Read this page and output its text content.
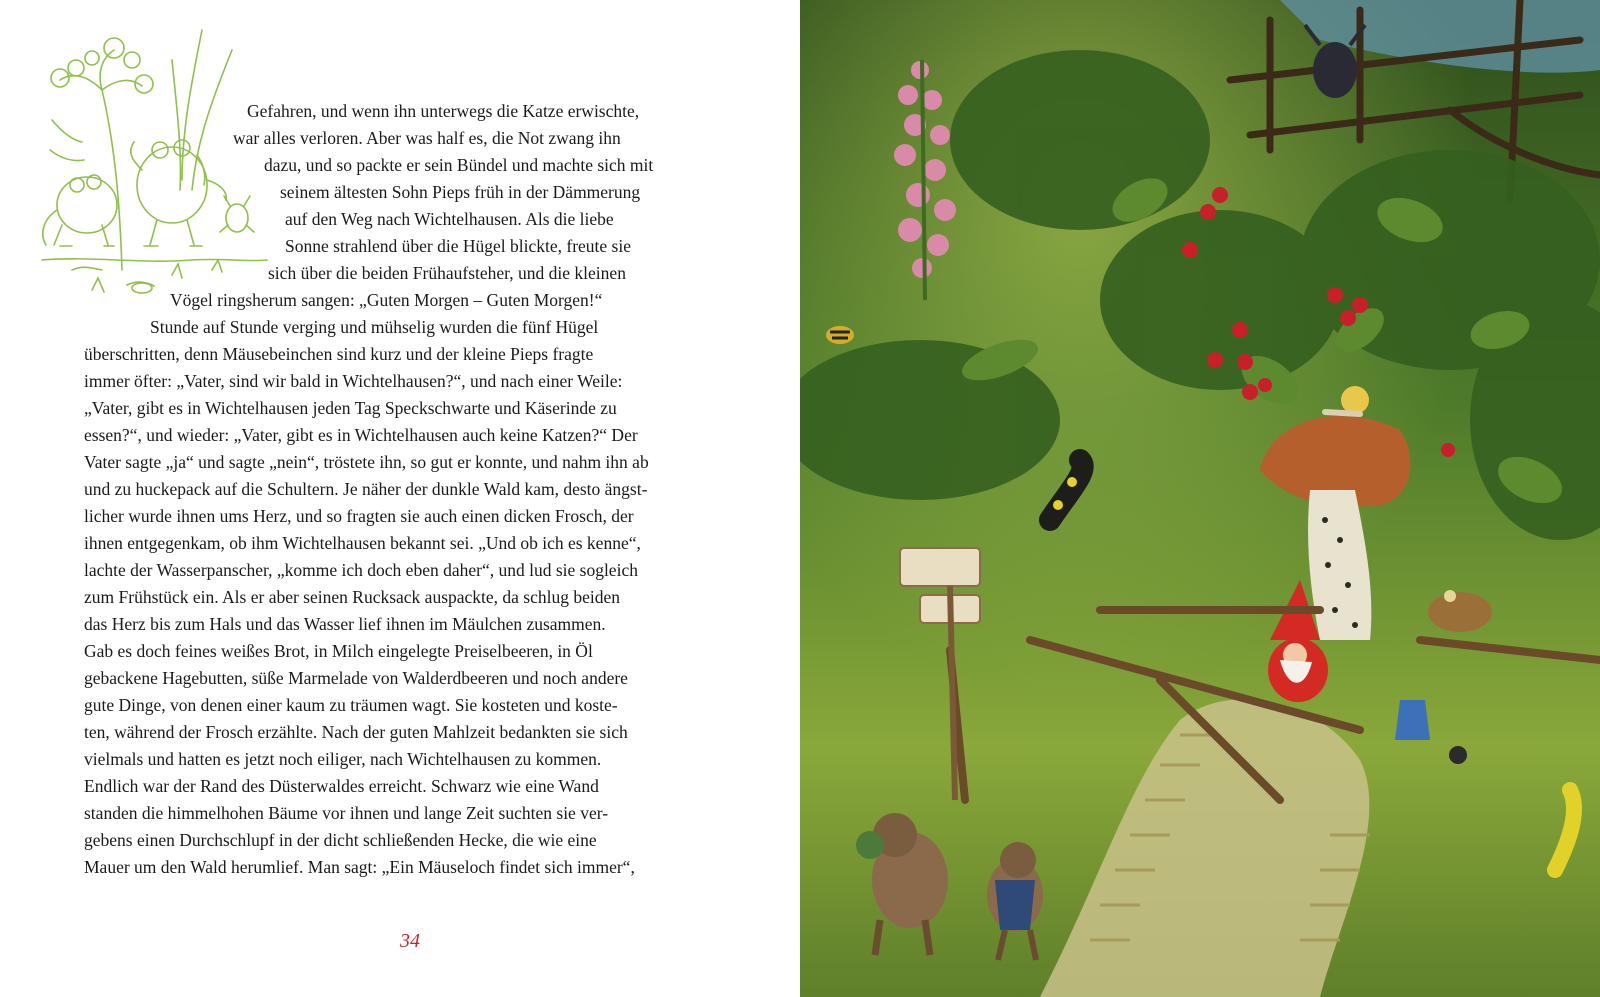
Gefahren, und wenn ihn unterwegs die Katze erwischte,
war alles verloren. Aber was half es, die Not zwang ihn
dazu, und so packte er sein Bündel und machte sich mit
seinem ältesten Sohn Pieps früh in der Dämmerung
auf den Weg nach Wichtelhausen. Als die liebe
Sonne strahlend über die Hügel blickte, freute sie
sich über die beiden Frühaufsteher, und die kleinen
Vögel ringsherum sangen: „Guten Morgen – Guten Morgen!“
Stunde auf Stunde verging und mühselig wurden die fünf Hügel
überschritten, denn Mäusebeinchen sind kurz und der kleine Pieps fragte
immer öfter: „Vater, sind wir bald in Wichtelhausen?“, und nach einer Weile:
„Vater, gibt es in Wichtelhausen jeden Tag Speckschwarte und Käserinde zu
essen?“, und wieder: „Vater, gibt es in Wichtelhausen auch keine Katzen?“ Der
Vater sagte „ja“ und sagte „nein“, tröstete ihn, so gut er konnte, und nahm ihn ab
und zu huckepack auf die Schultern. Je näher der dunkle Wald kam, desto ängst-
licher wurde ihnen ums Herz, und so fragten sie auch einen dicken Frosch, der
ihnen entgegenkam, ob ihm Wichtelhausen bekannt sei. „Und ob ich es kenne“,
lachte der Wasserpanscher, „komme ich doch eben daher“, und lud sie sogleich
zum Frühstück ein. Als er aber seinen Rucksack auspackte, da schlug beiden
das Herz bis zum Hals und das Wasser lief ihnen im Mäulchen zusammen.
Gab es doch feines weißes Brot, in Milch eingelegte Preiselbeeren, in Öl
gebackene Hagebutten, süße Marmelade von Walderdbeeren und noch andere
gute Dinge, von denen einer kaum zu träumen wagt. Sie kosteten und koste-
ten, während der Frosch erzählte. Nach der guten Mahlzeit bedankten sie sich
vielmals und hatten es jetzt noch eiliger, nach Wichtelhausen zu kommen.
Endlich war der Rand des Düsterwaldes erreicht. Schwarz wie eine Wand
standen die himmelhohen Bäume vor ihnen und lange Zeit suchten sie ver-
gebens einen Durchschlupf in der dicht schließenden Hecke, die wie eine
Mauer um den Wald herumlief. Man sagt: „Ein Mäuseloch findet sich immer“,
34
